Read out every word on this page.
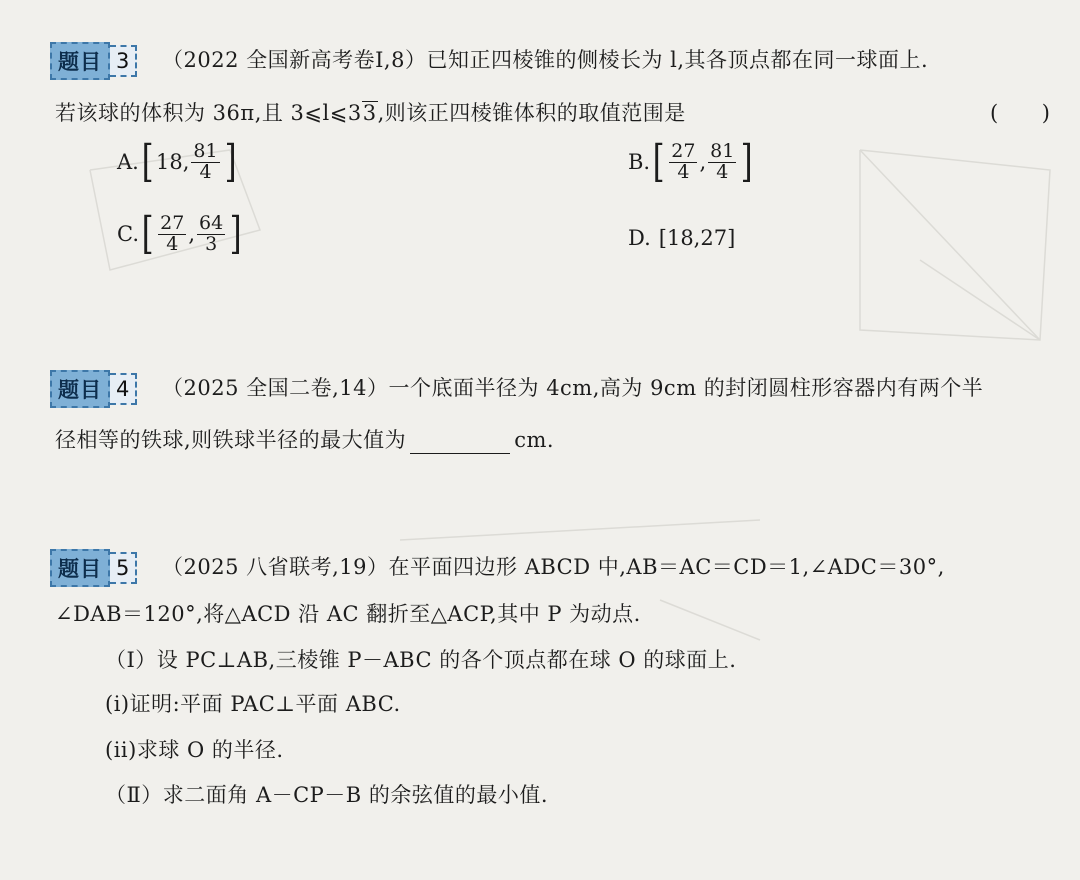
题目 3	（2022 全国新高考卷Ⅰ,8）已知正四棱锥的侧棱长为 l,其各顶点都在同一球面上.
若该球的体积为 36π,且 3⩽l⩽33,则该正四棱锥体积的取值范围是	(　　)
A. [ 18, $\frac{81}{4}$ ]	B. [ $\frac{27}{4}$ , $\frac{81}{4}$ ]
C. [ $\frac{27}{4}$ , $\frac{64}{3}$ ]	D. [18,27]
题目 4	（2025 全国二卷,14）一个底面半径为 4cm,高为 9cm 的封闭圆柱形容器内有两个半
径相等的铁球,则铁球半径的最大值为	cm.
题目 5	（2025 八省联考,19）在平面四边形 ABCD 中,AB＝AC＝CD＝1,∠ADC＝30°,
∠DAB＝120°,将△ACD 沿 AC 翻折至△ACP,其中 P 为动点.
（Ⅰ）设 PC⊥AB,三棱锥 P－ABC 的各个顶点都在球 O 的球面上.
(i)证明:平面 PAC⊥平面 ABC.
(ii)求球 O 的半径.
（Ⅱ）求二面角 A－CP－B 的余弦值的最小值.
